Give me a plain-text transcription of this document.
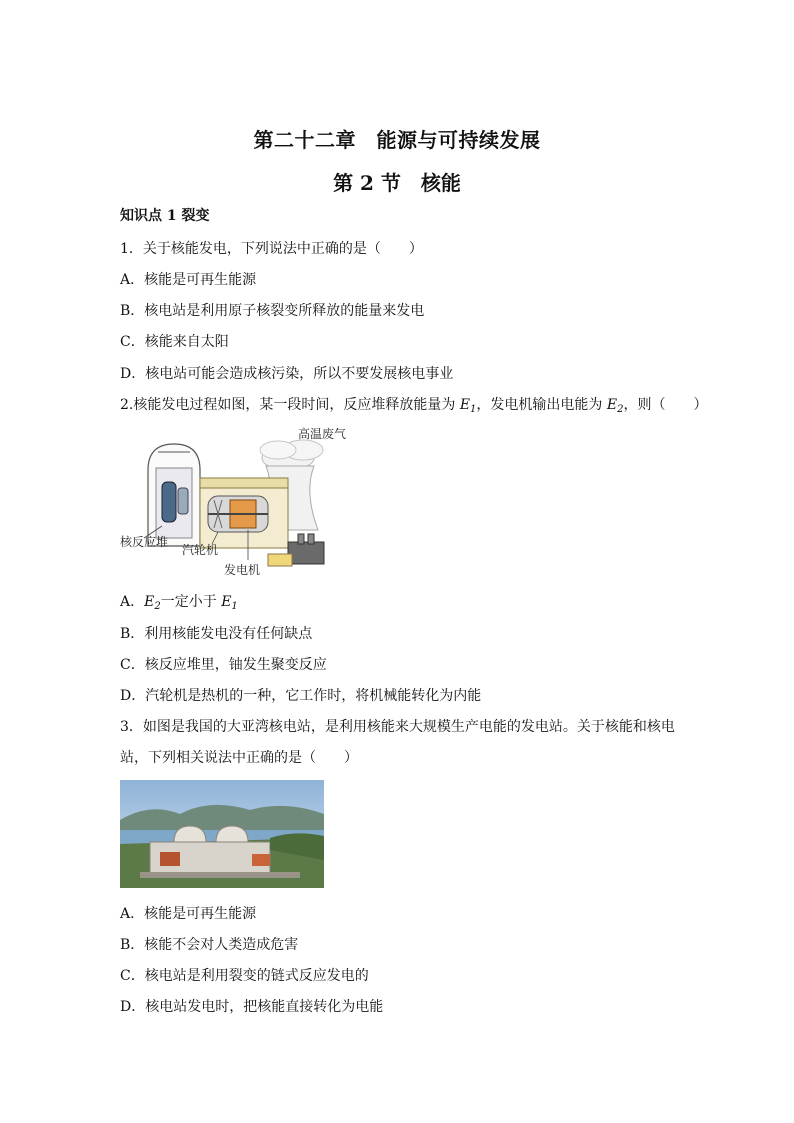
第二十二章　能源与可持续发展
第 2 节　核能
知识点 1 裂变
1．关于核能发电，下列说法中正确的是（　　）
A．核能是可再生能源
B．核电站是利用原子核裂变所释放的能量来发电
C．核能来自太阳
D．核电站可能会造成核污染，所以不要发展核电事业
2.核能发电过程如图，某一段时间，反应堆释放能量为 $E_1$，发电机输出电能为 $E_2$，则（　　）
高温废气
核反应堆
汽轮机
发电机
A．$E_2$一定小于 $E_1$
B．利用核能发电没有任何缺点
C．核反应堆里，铀发生聚变反应
D．汽轮机是热机的一种，它工作时，将机械能转化为内能
3．如图是我国的大亚湾核电站，是利用核能来大规模生产电能的发电站。关于核能和核电
站，下列相关说法中正确的是（　　）
A．核能是可再生能源
B．核能不会对人类造成危害
C．核电站是利用裂变的链式反应发电的
D．核电站发电时，把核能直接转化为电能
